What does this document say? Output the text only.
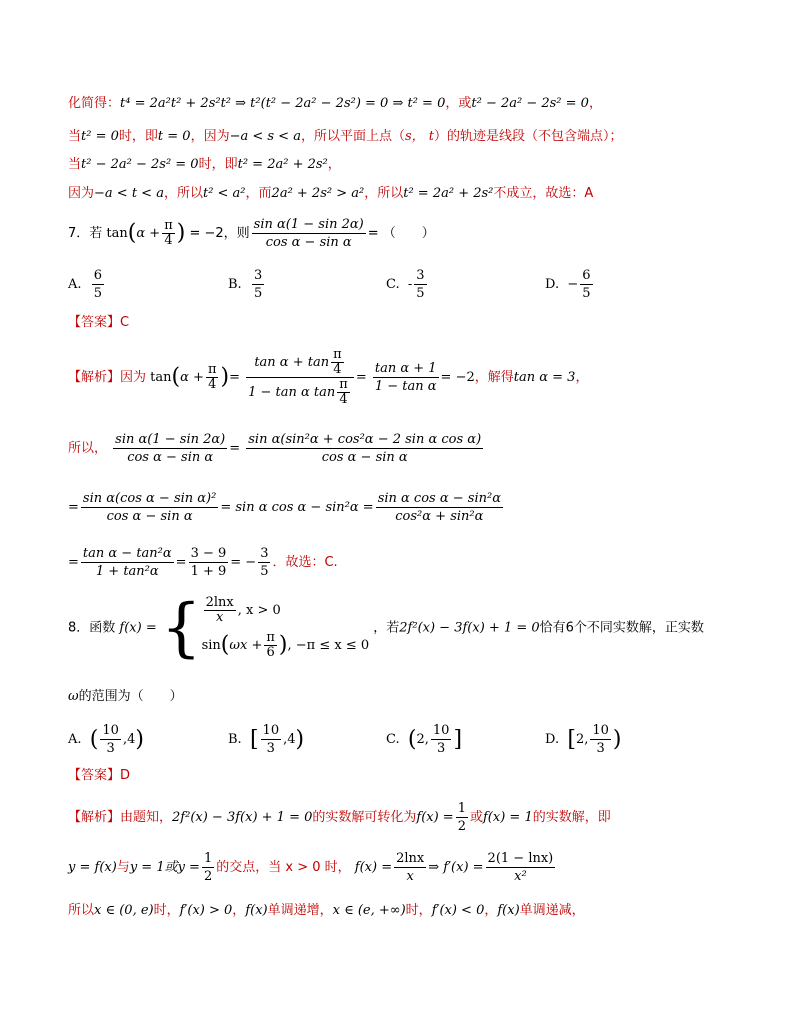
化简得：t⁴ = 2a²t² + 2s²t² ⇒ t²(t² − 2a² − 2s²) = 0 ⇒ t² = 0，或t² − 2a² − 2s² = 0，
当t² = 0时，即t = 0，因为−a < s < a，所以平面上点（s， t）的轨迹是线段（不包含端点）；
当t² − 2a² − 2s² = 0时，即t² = 2a² + 2s²，
因为−a < t < a，所以t² < a²，而2a² + 2s² > a²，所以t² = 2a² + 2s²不成立，故选：A
7．若 $\tan(\alpha + \frac{\pi}{4}$ ) = −2，则 $\frac{\text{sin α(1 − sin 2α)}}{\text{cos α − sin α}}$ = （　　）
A. $\frac{6}{5}$	B. $\frac{3}{5}$	C. - $\frac{3}{5}$	D. − $\frac{6}{5}$
【答案】C
【解析】因为 $\tan(\alpha + \frac{\pi}{4}$ )= $\frac{\tan \alpha + \tan \frac{\pi}{4}}{1 - \tan \alpha \tan \frac{\pi}{4}} = \frac{\text{tan α + 1}}{\text{1 − tan α}} = -2$，解得tan α = 3，
所以， $\frac{\text{sin α(1 − sin 2α)}}{\text{cos α − sin α}} = \frac{\text{sin α(sin²α + cos²α − 2 sin α cos α)}}{\text{cos α − sin α}}$
= $\frac{\text{sin α(cos α − sin α)²}}{\text{cos α − sin α}} = \sin \alpha$ $\cos \alpha - \sin^2\alpha = \frac{\text{sin α cos α − sin²α}}{\text{cos²α + sin²α}}$
= $\frac{\text{tan α − tan²α}}{\text{1 + tan²α}} = \frac{3 - 9}{1 + 9}$ = − $\frac{3}{5}$ ．故选：C.
8．函数 f(x) = { $\frac{2\ln x}{x}$ , x > 0
$\sin(\omega x + \frac{\pi}{6}$ ), −π ≤ x ≤ 0
，若2f²(x) − 3f(x) + 1 = 0恰有6个不同实数解，正实数
ω的范围为（　　）
A. ( $\frac{10}{3} ,4$)	B. [ $\frac{10}{3} ,4$)	C. (2, $\frac{10}{3}$ ]	D. [2, $\frac{10}{3}$ )
【答案】D
【解析】由题知，2f²(x) − 3f(x) + 1 = 0的实数解可转化为$f(x) = \frac{1}{2}$ 或f(x) = 1的实数解，即
y = f(x)与y = 1或$y = \frac{1}{2}$ 的交点，当 x > 0 时， $f(x) = \frac{2\ln x}{x}$ ⇒ $f'(x) = \frac{2(1 - \ln x)}{\text{x²}}$
所以x ∈ (0, e)时，f′(x) > 0，f(x)单调递增，x ∈ (e, +∞)时，f′(x) < 0，f(x)单调递减，
